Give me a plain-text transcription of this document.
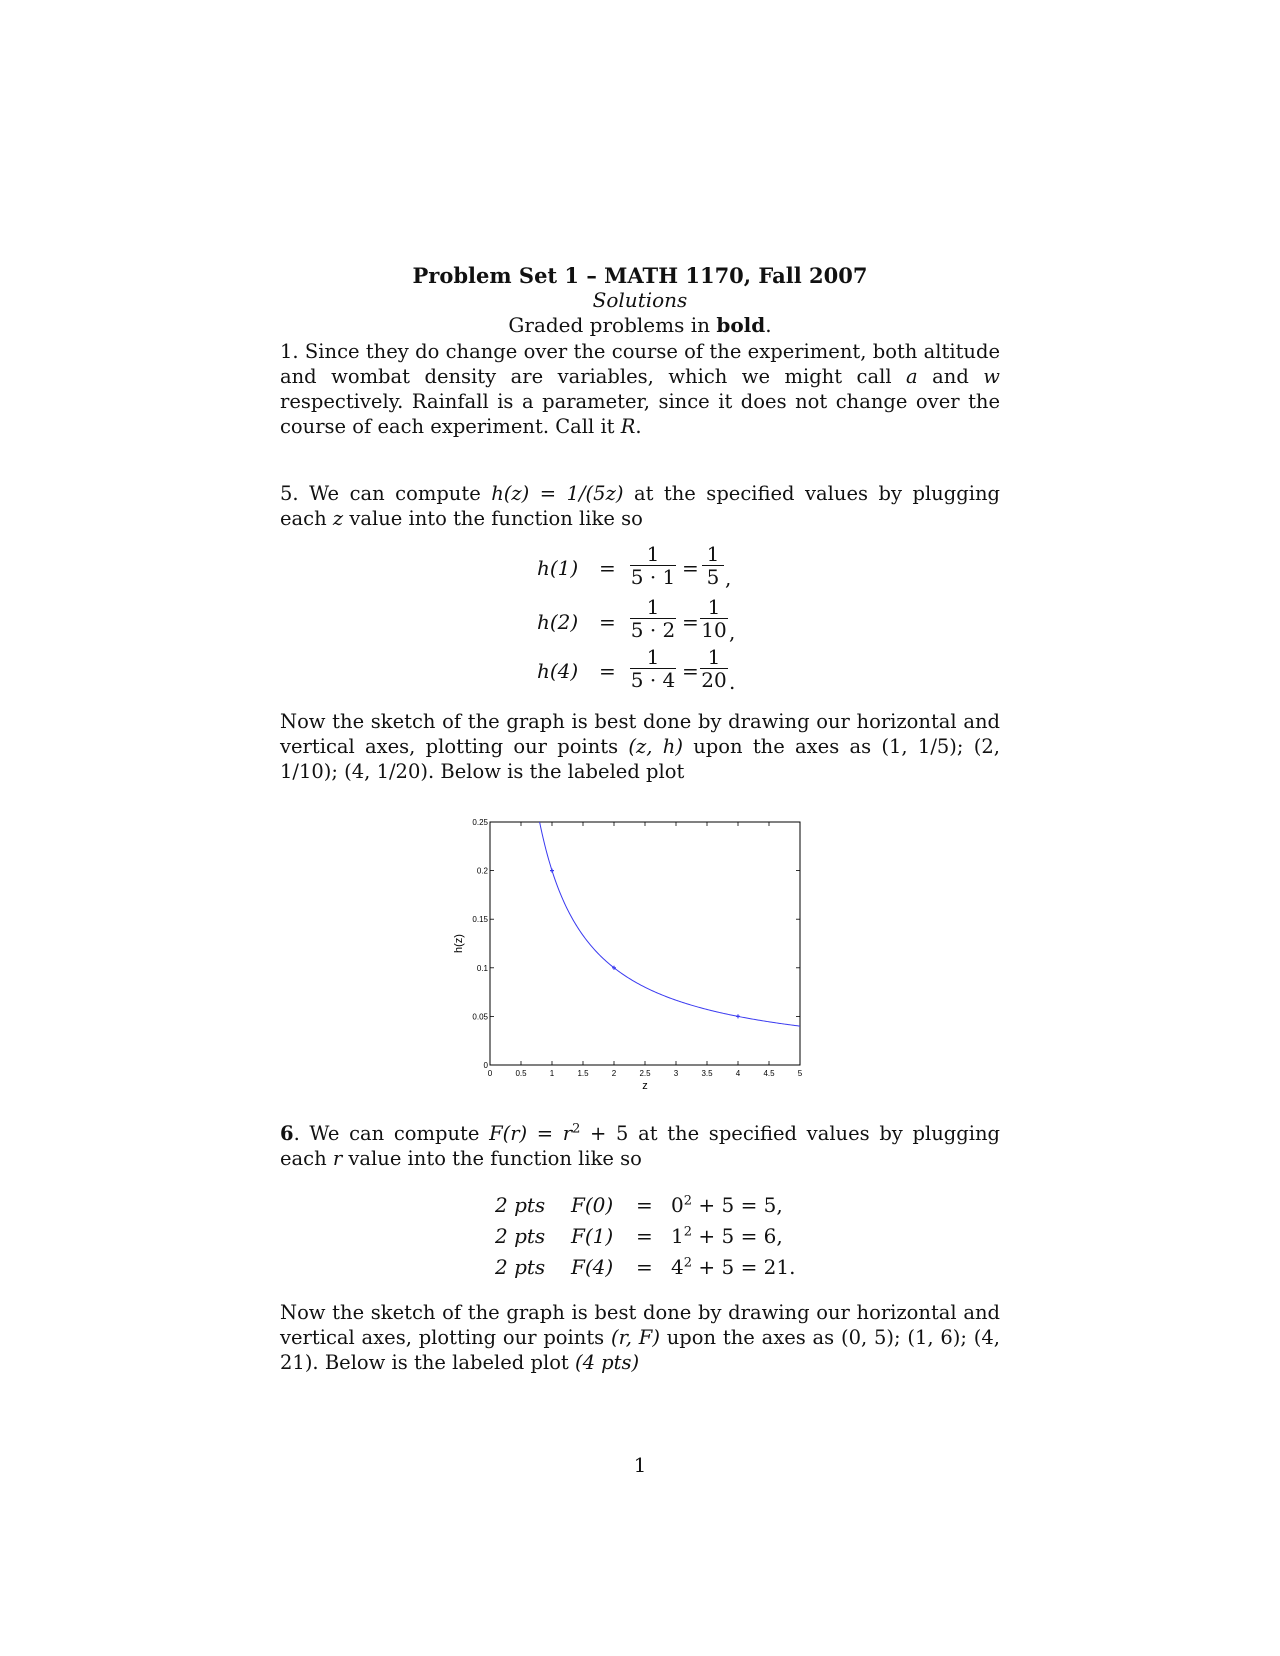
Problem Set 1 – MATH 1170, Fall 2007
Solutions
Graded problems in bold.
1. Since they do change over the course of the experiment, both altitude and wombat density are variables, which we might call a and w respectively. Rainfall is a parameter, since it does not change over the course of each experiment. Call it R.
5. We can compute h(z) = 1/(5z) at the specified values by plugging each z value into the function like so
$h(1) = \frac{1}{5 \cdot 1} = \frac{1}{5}$ ,
$h(2) = \frac{1}{5 \cdot 2} = \frac{1}{10}$ ,
$h(4) = \frac{1}{5 \cdot 4} = \frac{1}{20}$ .
Now the sketch of the graph is best done by drawing our horizontal and vertical axes, plotting our points (z, h) upon the axes as (1, 1/5); (2, 1/10); (4, 1/20). Below is the labeled plot
0	0.5	1	1.5	2	2.5	3	3.5	4	4.5	5
0
0.05
0.1
0.15
0.2
0.25
z
h(z)
6. We can compute $F(r) = r^2 + 5$ at the specified values by plugging each r value into the function like so
2 pts $F(0) = 0^2 + 5 = 5$,
2 pts $F(1) = 1^2 + 5 = 6$,
2 pts $F(4) = 4^2 + 5 = 21$.
Now the sketch of the graph is best done by drawing our horizontal and vertical axes, plotting our points (r, F) upon the axes as (0, 5); (1, 6); (4, 21). Below is the labeled plot (4 pts)
1
